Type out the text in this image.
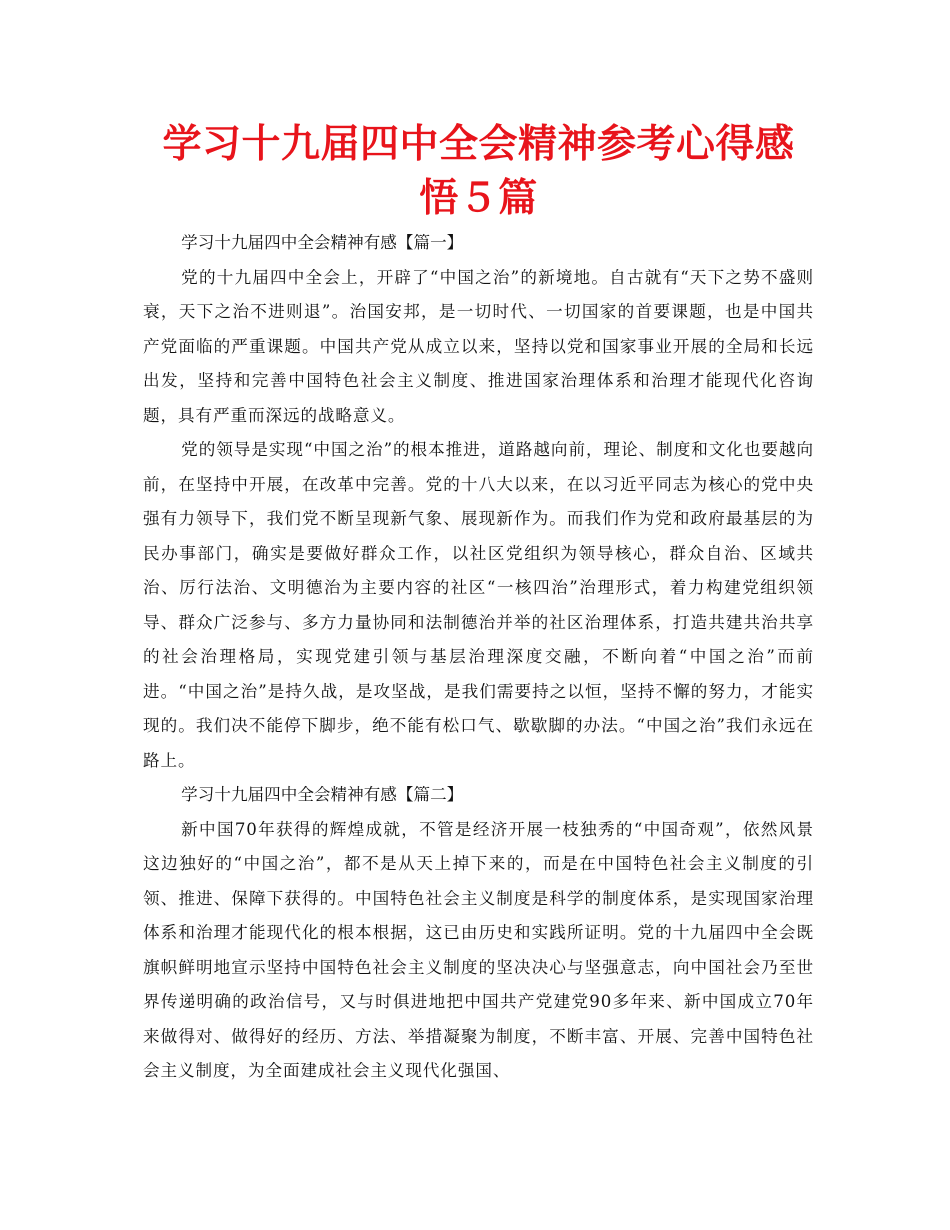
学习十九届四中全会精神参考心得感悟５篇
学习十九届四中全会精神有感【篇一】

党的十九届四中全会上，开辟了“中国之治”的新境地。自古就有“天下之势不盛则衰，天下之治不进则退”。治国安邦，是一切时代、一切国家的首要课题，也是中国共产党面临的严重课题。中国共产党从成立以来，坚持以党和国家事业开展的全局和长远出发，坚持和完善中国特色社会主义制度、推进国家治理体系和治理才能现代化咨询题，具有严重而深远的战略意义。

党的领导是实现“中国之治”的根本推进，道路越向前，理论、制度和文化也要越向前，在坚持中开展，在改革中完善。党的十八大以来，在以习近平同志为核心的党中央强有力领导下，我们党不断呈现新气象、展现新作为。而我们作为党和政府最基层的为民办事部门，确实是要做好群众工作，以社区党组织为领导核心，群众自治、区域共治、厉行法治、文明德治为主要内容的社区“一核四治”治理形式，着力构建党组织领导、群众广泛参与、多方力量协同和法制德治并举的社区治理体系，打造共建共治共享的社会治理格局，实现党建引领与基层治理深度交融，不断向着“中国之治”而前进。“中国之治”是持久战，是攻坚战，是我们需要持之以恒，坚持不懈的努力，才能实现的。我们决不能停下脚步，绝不能有松口气、歇歇脚的办法。“中国之治”我们永远在路上。

学习十九届四中全会精神有感【篇二】

新中国70年获得的辉煌成就，不管是经济开展一枝独秀的“中国奇观”，依然风景这边独好的“中国之治”，都不是从天上掉下来的，而是在中国特色社会主义制度的引领、推进、保障下获得的。中国特色社会主义制度是科学的制度体系，是实现国家治理体系和治理才能现代化的根本根据，这已由历史和实践所证明。党的十九届四中全会既旗帜鲜明地宣示坚持中国特色社会主义制度的坚决决心与坚强意志，向中国社会乃至世界传递明确的政治信号，又与时俱进地把中国共产党建党90多年来、新中国成立70年来做得对、做得好的经历、方法、举措凝聚为制度，不断丰富、开展、完善中国特色社会主义制度，为全面建成社会主义现代化强国、
